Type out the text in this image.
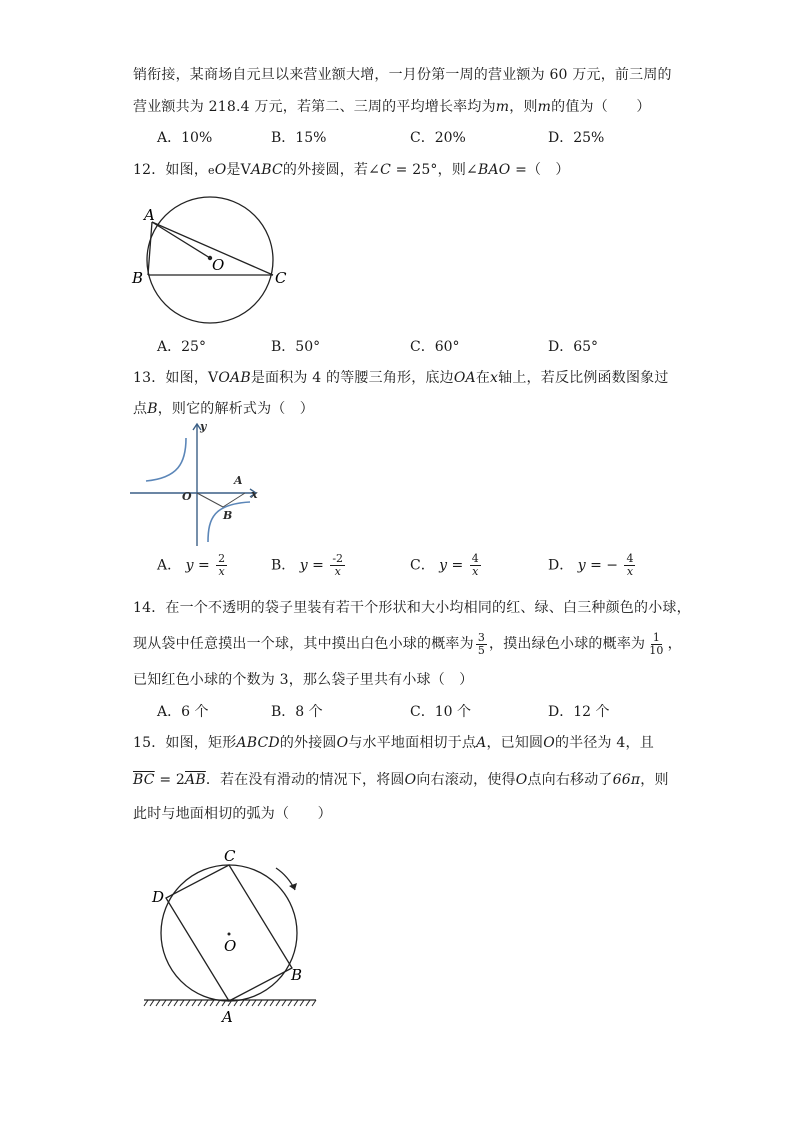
销衔接，某商场自元旦以来营业额大增，一月份第一周的营业额为 60 万元，前三周的
营业额共为 218.4 万元，若第二、三周的平均增长率均为m，则m的值为（　　）
A．10%	B．15%	C．20%	D．25%
12．如图，eO是VABC的外接圆，若∠C = 25°，则∠BAO =（　）
A
B	C
O
A．25°	B．50°	C．60°	D．65°
13．如图，VOAB是面积为 4 的等腰三角形，底边OA在x轴上，若反比例函数图象过
点B，则它的解析式为（　）
y
x
O
A
B
A． $y = \frac{2}{x}$	B． $y = \frac{-2}{x}$	C． $y = \frac{4}{x}$	D． y = − $\frac{4}{x}$
14．在一个不透明的袋子里装有若干个形状和大小均相同的红、绿、白三种颜色的小球，
现从袋中任意摸出一个球，其中摸出白色小球的概率为 $\frac{3}{5}$ ，摸出绿色小球的概率为 $\frac{1}{10}$ ，
已知红色小球的个数为 3，那么袋子里共有小球（　）
A．6 个	B．8 个	C．10 个	D．12 个
15．如图，矩形ABCD的外接圆O与水平地面相切于点A，已知圆O的半径为 4，且
$\overline{BC} = 2\overline{AB}$．若在没有滑动的情况下，将圆O向右滚动，使得O点向右移动了66π，则
此时与地面相切的弧为（　　）
O
C
D
B
A
